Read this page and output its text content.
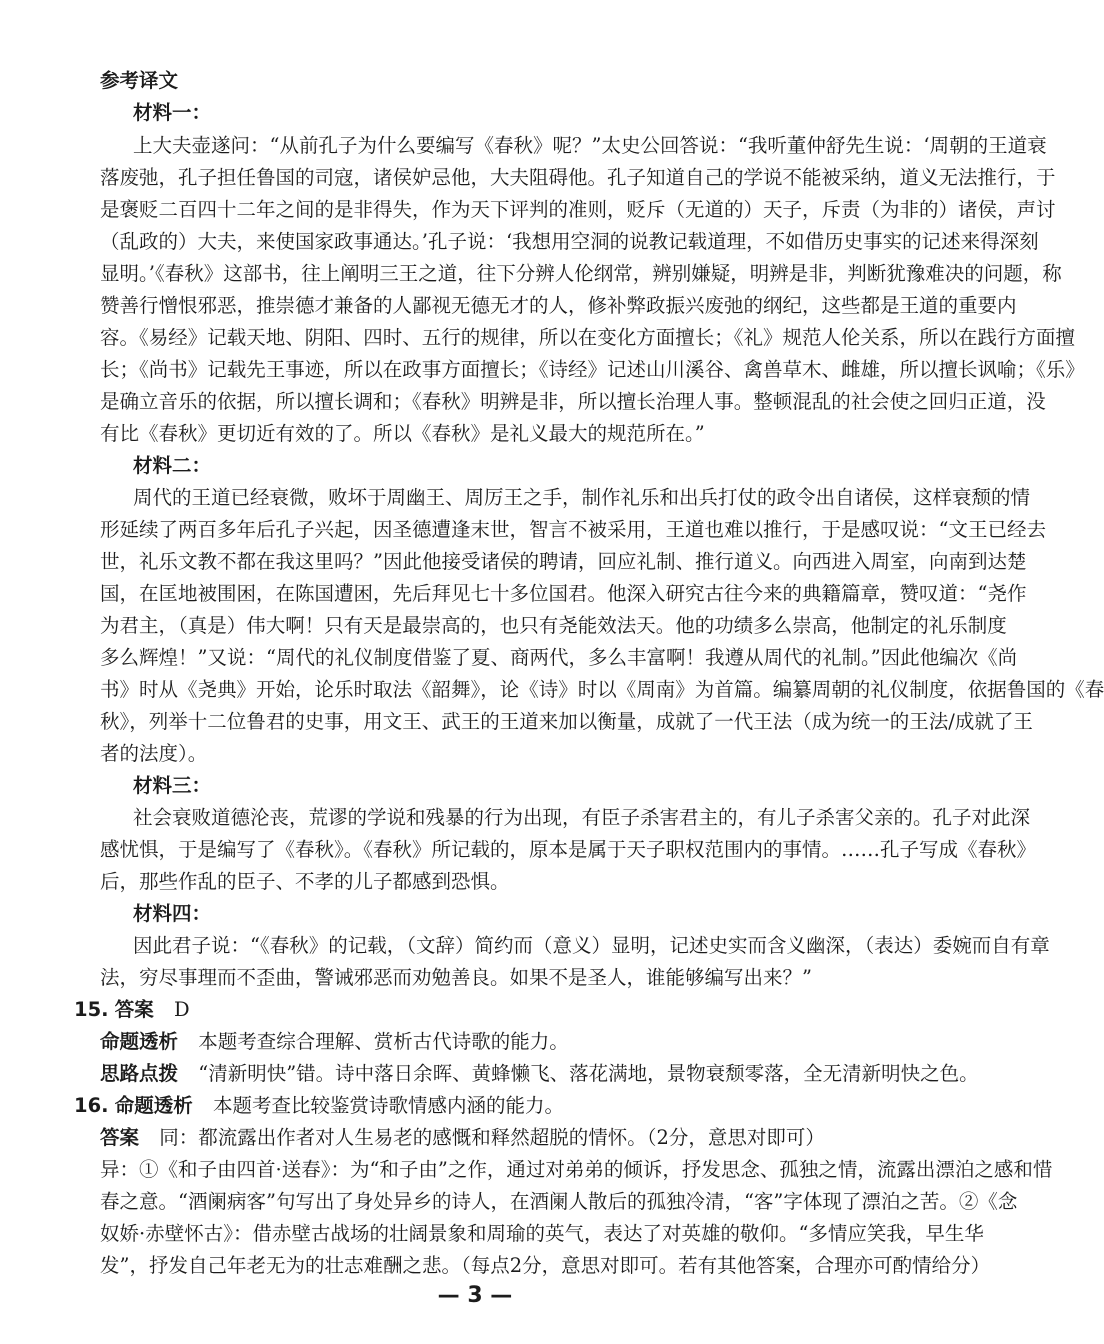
参考译文
材料一：
上大夫壶遂问：“从前孔子为什么要编写《春秋》呢？”太史公回答说：“我听董仲舒先生说：‘周朝的王道衰
落废弛，孔子担任鲁国的司寇，诸侯妒忌他，大夫阻碍他。孔子知道自己的学说不能被采纳，道义无法推行，于
是褒贬二百四十二年之间的是非得失，作为天下评判的准则，贬斥（无道的）天子，斥责（为非的）诸侯，声讨
（乱政的）大夫，来使国家政事通达。’孔子说：‘我想用空洞的说教记载道理，不如借历史事实的记述来得深刻
显明。’《春秋》这部书，往上阐明三王之道，往下分辨人伦纲常，辨别嫌疑，明辨是非，判断犹豫难决的问题，称
赞善行憎恨邪恶，推崇德才兼备的人鄙视无德无才的人，修补弊政振兴废弛的纲纪，这些都是王道的重要内
容。《易经》记载天地、阴阳、四时、五行的规律，所以在变化方面擅长；《礼》规范人伦关系，所以在践行方面擅
长；《尚书》记载先王事迹，所以在政事方面擅长；《诗经》记述山川溪谷、禽兽草木、雌雄，所以擅长讽喻；《乐》
是确立音乐的依据，所以擅长调和；《春秋》明辨是非，所以擅长治理人事。整顿混乱的社会使之回归正道，没
有比《春秋》更切近有效的了。所以《春秋》是礼义最大的规范所在。”
材料二：
周代的王道已经衰微，败坏于周幽王、周厉王之手，制作礼乐和出兵打仗的政令出自诸侯，这样衰颓的情
形延续了两百多年后孔子兴起，因圣德遭逢末世，智言不被采用，王道也难以推行，于是感叹说：“文王已经去
世，礼乐文教不都在我这里吗？”因此他接受诸侯的聘请，回应礼制、推行道义。向西进入周室，向南到达楚
国，在匡地被围困，在陈国遭困，先后拜见七十多位国君。他深入研究古往今来的典籍篇章，赞叹道：“尧作
为君主，（真是）伟大啊！只有天是最崇高的，也只有尧能效法天。他的功绩多么崇高，他制定的礼乐制度
多么辉煌！”又说：“周代的礼仪制度借鉴了夏、商两代，多么丰富啊！我遵从周代的礼制。”因此他编次《尚
书》时从《尧典》开始，论乐时取法《韶舞》，论《诗》时以《周南》为首篇。编纂周朝的礼仪制度，依据鲁国的《春
秋》，列举十二位鲁君的史事，用文王、武王的王道来加以衡量，成就了一代王法（成为统一的王法/成就了王
者的法度）。
材料三：
社会衰败道德沦丧，荒谬的学说和残暴的行为出现，有臣子杀害君主的，有儿子杀害父亲的。孔子对此深
感忧惧，于是编写了《春秋》。《春秋》所记载的，原本是属于天子职权范围内的事情。……孔子写成《春秋》
后，那些作乱的臣子、不孝的儿子都感到恐惧。
材料四：
因此君子说：“《春秋》的记载，（文辞）简约而（意义）显明，记述史实而含义幽深，（表达）委婉而自有章
法，穷尽事理而不歪曲，警诫邪恶而劝勉善良。如果不是圣人，谁能够编写出来？”
15. 答案 D
命题透析 本题考查综合理解、赏析古代诗歌的能力。
思路点拨 “清新明快”错。诗中落日余晖、黄蜂懒飞、落花满地，景物衰颓零落，全无清新明快之色。
16. 命题透析 本题考查比较鉴赏诗歌情感内涵的能力。
答案 同：都流露出作者对人生易老的感慨和释然超脱的情怀。（2分，意思对即可）
异：①《和子由四首·送春》：为“和子由”之作，通过对弟弟的倾诉，抒发思念、孤独之情，流露出漂泊之感和惜
春之意。“酒阑病客”句写出了身处异乡的诗人，在酒阑人散后的孤独冷清，“客”字体现了漂泊之苦。②《念
奴娇·赤壁怀古》：借赤壁古战场的壮阔景象和周瑜的英气，表达了对英雄的敬仰。“多情应笑我，早生华
发”，抒发自己年老无为的壮志难酬之悲。（每点2分，意思对即可。若有其他答案，合理亦可酌情给分）
— 3 —
